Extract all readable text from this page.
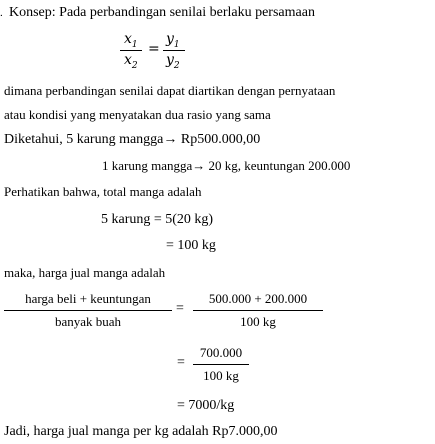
. Konsep: Pada perbandingan senilai berlaku persamaan
$x_1$
$x_2$
=
$y_1$
$y_2$
dimana perbandingan senilai dapat diartikan dengan pernyataan
atau kondisi yang menyatakan dua rasio yang sama
Diketahui, 5 karung mangga→ Rp500.000,00
1 karung mangga→ 20 kg, keuntungan 200.000
Perhatikan bahwa, total manga adalah
5 karung = 5(20 kg)
= 100 kg
maka, harga jual manga adalah
harga beli + keuntungan
banyak buah
=
500.000 + 200.000
100 kg
=
700.000
100 kg
= 7000/kg
Jadi, harga jual manga per kg adalah Rp7.000,00
